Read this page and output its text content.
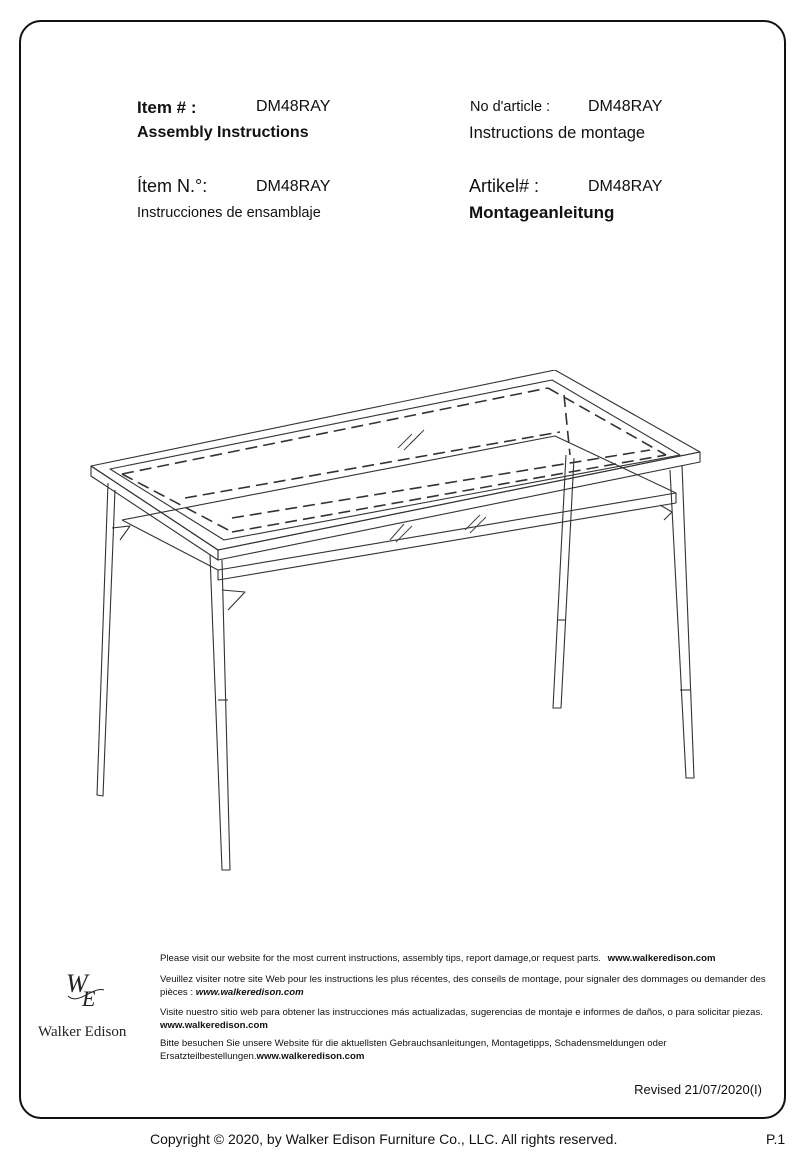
Item # :	DM48RAY
Assembly Instructions
No d'article : DM48RAY
Instructions de montage
Ítem N.°:	DM48RAY
Instrucciones de ensamblaje
Artikel# :	DM48RAY
Montageanleitung
Please visit our website for the most current instructions, assembly tips, report damage,or request parts. www.walkeredison.com
Veuillez visiter notre site Web pour les instructions les plus récentes, des conseils de montage, pour signaler des dommages ou demander des pièces : www.walkeredison.com
Visite nuestro sitio web para obtener las instrucciones más actualizadas, sugerencias de montaje e informes de daños, o para solicitar piezas. www.walkeredison.com
Bitte besuchen Sie unsere Website für die aktuellsten Gebrauchsanleitungen, Montagetipps, Schadensmeldungen oder Ersatzteilbestellungen.www.walkeredison.com
W
E
Walker Edison
Revised 21/07/2020(I)
Copyright © 2020, by Walker Edison Furniture Co., LLC. All rights reserved.	P.1
